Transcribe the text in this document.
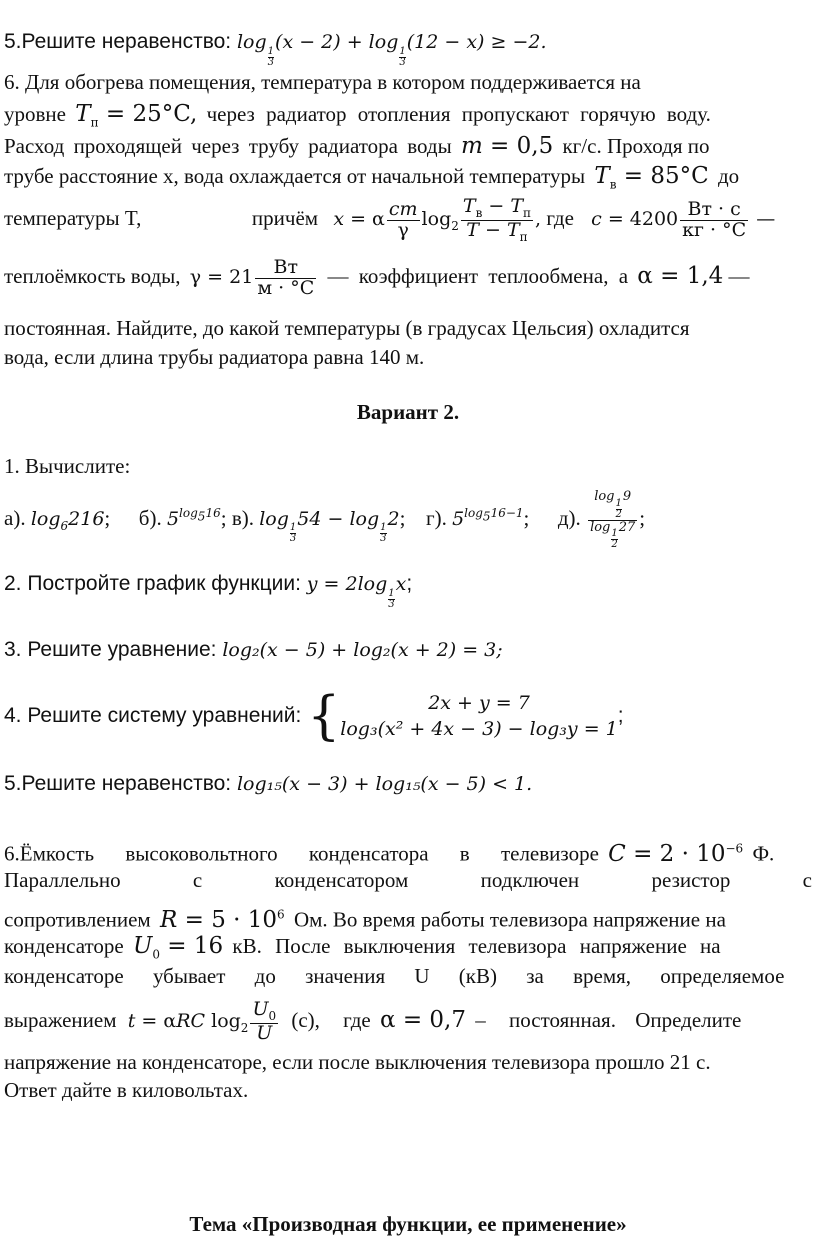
5.Решите неравенство: log
$\frac{1}{3}$
(x − 2) + log
$\frac{1}{3}$
(12 − x) ≥ −2.
6. Для обогрева помещения, температура в котором поддерживается на
уровне $T_п = 25^\circ C$, через радиатор отопления пропускают горячую воду.
Расход проходящей через трубу радиатора воды m = 0,5 кг/с. Проходя по
трубе расстояние x, вода охлаждается от начальной температуры $T_в = 85^\circ C$ до
температуры T,	причём x = α $\frac{cm}{\gamma} \log_2 \frac{T_в - T_п}{T - T_п}$ , где $c = 4200 \frac{Вт \cdot с}{кг \cdot ^\circ C}$ —
теплоёмкость воды, $\gamma = 21 \frac{Вт}{м \cdot ^\circ C}$ — коэффициент теплообмена, а α = 1,4 —
постоянная. Найдите, до какой температуры (в градусах Цельсия) охладится
вода, если длина трубы радиатора равна 140 м.
Вариант 2.
1. Вычислите:
а). $\log_6216$;  б). $5^{log_516}$; в). log
$\frac{1}{3}$
54 − log
$\frac{1}{3}$
2;  г). $5^{log_516-1}$;  д). log
$\frac{1}{2}$
9
log
$\frac{1}{2}$
27 ;
2. Постройте график функции: y = 2log
$\frac{1}{3}$
x;
3. Решите уравнение: log₂(x − 5) + log₂(x + 2) = 3;
4. Решите систему уравнений: {	2x + y = 7
log₃(x² + 4x − 3) − log₃y = 1
;
5.Решите неравенство: log₁₅(x − 3) + log₁₅(x − 5) < 1.
6.Ёмкость высоковольтного конденсатора в телевизоре $C = 2 \cdot 10^{-6}$ Ф.
Параллельно	с	конденсатором	подключен	резистор	с
сопротивлением $R = 5 \cdot 10^6$ Ом. Во время работы телевизора напряжение на
конденсаторе $U_0 = 16$ кВ. После выключения телевизора напряжение на
конденсаторе убывает до значения U (кВ) за время, определяемое
выражением t = αRC $\log_2 \frac{U_0}{U} (с)$, где α = 0,7 – постоянная. Определите
напряжение на конденсаторе, если после выключения телевизора прошло 21 с.
Ответ дайте в киловольтах.
Тема «Производная функции, ее применение»
